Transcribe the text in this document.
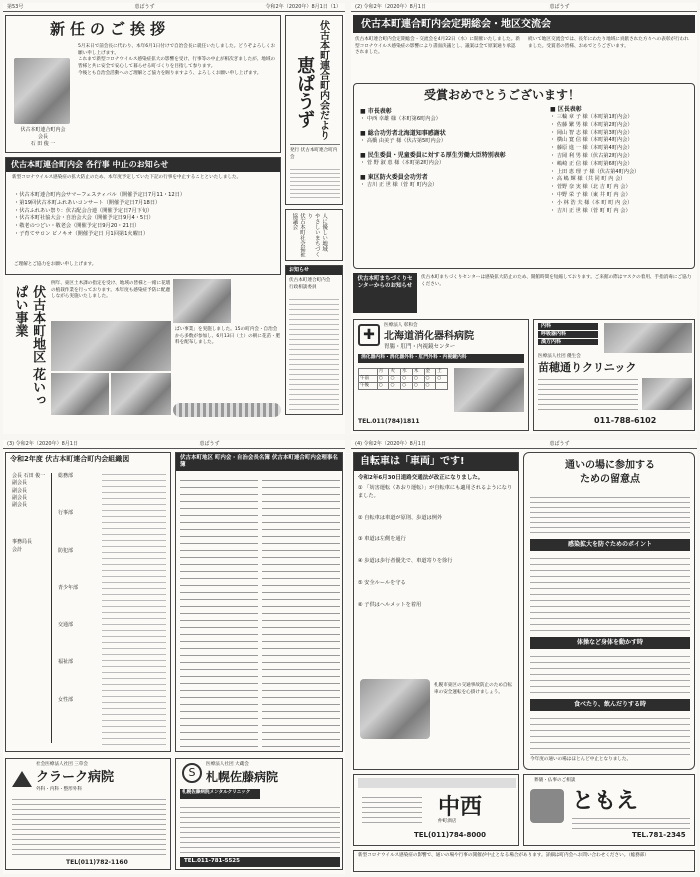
第53号	恵ぱうず	令和2年（2020年）8月1日（1）
新任のご挨拶
伏古本町連合町内会
会長
石 田 俊 一
5月末日で前会長に代わり、本年6月1日付けで自治会長に就任いたしました。どうぞよろしくお願い申し上げます。
これまで新型コロナウイルス感染症拡大の影響を受け、行事等の中止が相次ぎましたが、地域の皆様と共に安全で安心して暮らせる町づくりを目指して参ります。
今後とも自治会活動へのご理解とご協力を賜りますよう、よろしくお願い申し上げます。	伏古本町連合町内会だより
恵ぱうず
発行 伏古本町連合町内会
伏古本町連合町内会 各行事 中止のお知らせ
新型コロナウイルス感染症の拡大防止のため、本年度予定していた下記の行事を中止することといたしました。
・伏古本町連合町内会サマーフェスティバル（開催予定日7月11・12日）
・第19回伏古本町ふれあいコンサート（開催予定日7月18日）
・伏古ふれあい祭り：伏古配会合連（開催予定日7月下旬）
・伏古本町社協大会・自治会大会（開催予定日9月4・5日）
・敬老のつどい・敬老会（開催予定日9月20・21日）
・子育てサロン ピノキオ（開催予定日 月1回第1火曜日）
ご理解とご協力をお願い申し上げます。
人に優しい地域
やさしいまちづくり
伏古本町社会福祉協議会
伏古本町地区 花いっぱい事業
例年、東区土木課の指定を受け、地域の皆様と一緒に花壇の植栽作業を行っております。本年度も感染症予防に配慮しながら実施いたしました。
ばい事業」を実施しました。15の町内会・自治会から多数が参加し、6月13日（土）の朝に花苗・肥料を配布しました。
お知らせ
伏古本町連合町内会
行政相談委員
(2) 令和2年（2020年）8月1日	恵ぱうず
伏古本町連合町内会定期総会・地区交流会
伏古本町連合町内会定期総会・交流会を4月22日（水）に開催いたしました。新型コロナウイルス感染症の影響により書面決議とし、議案は全て原案通り承認されました。
続いて地区交流会では、長年にわたり地域に貢献された方々への表彰が行われました。受賞者の皆様、おめでとうございます。
受賞おめでとうございます！
■ 市長表彰
・ 中西 幸雄 様（本町第6町内会）
■ 総合功労者北海道知事感謝状
・ 高橋 由美子 様（伏古第5町内会）
■ 民生委員・児童委員に対する厚生労働大臣特別表彰
・ 菅 野 淑 恵 様（本町第2町内会）
■ 東区防火委員会功労者
・ 吉川 正 世 様（菅 町 町内会）
■ 区長表彰
・ 三輪 章 子 様（本町第1町内会）
・ 佐藤 繁 男 様（本町第2町内会）
・ 岡山 智 志 様（本町第3町内会）
・ 横山 寛 信 様（本町第4町内会）
・ 藤原 進 一 様（本町第4町内会）
・ 吉岡 利 男 様（伏古第2町内会）
・ 嶋崎 正 信 様（本町第6町内会）
・ 上田 恵 理 子 様（伏古第4町内会）
・ 高 嶋 輝 様（共 同 町 内 会）
・ 菅野 奈 実 様（北 吉 町 内 会）
・ 中野 栄 子 様（東 井 町 内 会）
・ 小 林 浩 夫 様（本 町 町 内 会）
・ 吉川 正 世 様（菅 町 町 内 会）
伏古本町まちづくりセンターからのお知らせ
伏古本町まちづくりセンターは感染拡大防止のため、開館時間を短縮しております。ご来館の際はマスクの着用、手指消毒にご協力ください。
✚
医療法人 彰和会
北海道消化器科病院
胃腸・肛門・内視鏡センター
消化器内科・消化器外科・肛門外科・内視鏡内科
	月	火	水	木	金	土
午前	○	○	○	○	○	○
午後	○	○	○	○	○	
TEL.011(784)1811
内科
呼吸器内科
漢方内科
医療法人社団 優生会
苗穂通りクリニック
011-788-6102
(3) 令和2年（2020年）8月1日	恵ぱうず
令和2年度 伏古本町連合町内会組織図
会長 石田 俊一
副会長
副会長
副会長
副会長
事務局長
会計
総務部
行事部
防犯部
青少年部
交通部
福祉部
女性部
伏古本町地区 町内会・自治会長名簿 伏古本町連合町内会理事名簿
社会医療法人社団 三草会
クラーク病院
外科・内科・整形外科
TEL(011)782-1160
医療法人社団 大蔵会
S 札幌佐藤病院
札幌佐藤病院メンタルクリニック
TEL.011-781-5525
(4) 令和2年（2020年）8月1日	恵ぱうず
自転車は「車両」です!
令和2年6月30日道路交通法が改正になりました。
① 「妨害運転（あおり運転）」が自転車にも適用されるようになりました。
② 自転車は車道が原則、歩道は例外
③ 車道は左側を通行
④ 歩道は歩行者優先で、車道寄りを徐行
⑤ 安全ルールを守る
⑥ 子供はヘルメットを着用
札幌市東区の交通事故防止のため自転車の安全運転を心掛けましょう。
通いの場に参加する
ための留意点
感染拡大を防ぐためのポイント
体操など身体を動かす時
食べたり、飲んだりする時
今年度の通いの場はほとんど中止となりました。
中西
仲町酒店
TEL(011)784-8000
葬儀・仏事のご相談
ともえ
TEL.781-2345
新型コロナウイルス感染症の影響で、通いの場や行事の開催が中止となる場合があります。詳細は町内会へお問い合わせください。（総務部）
